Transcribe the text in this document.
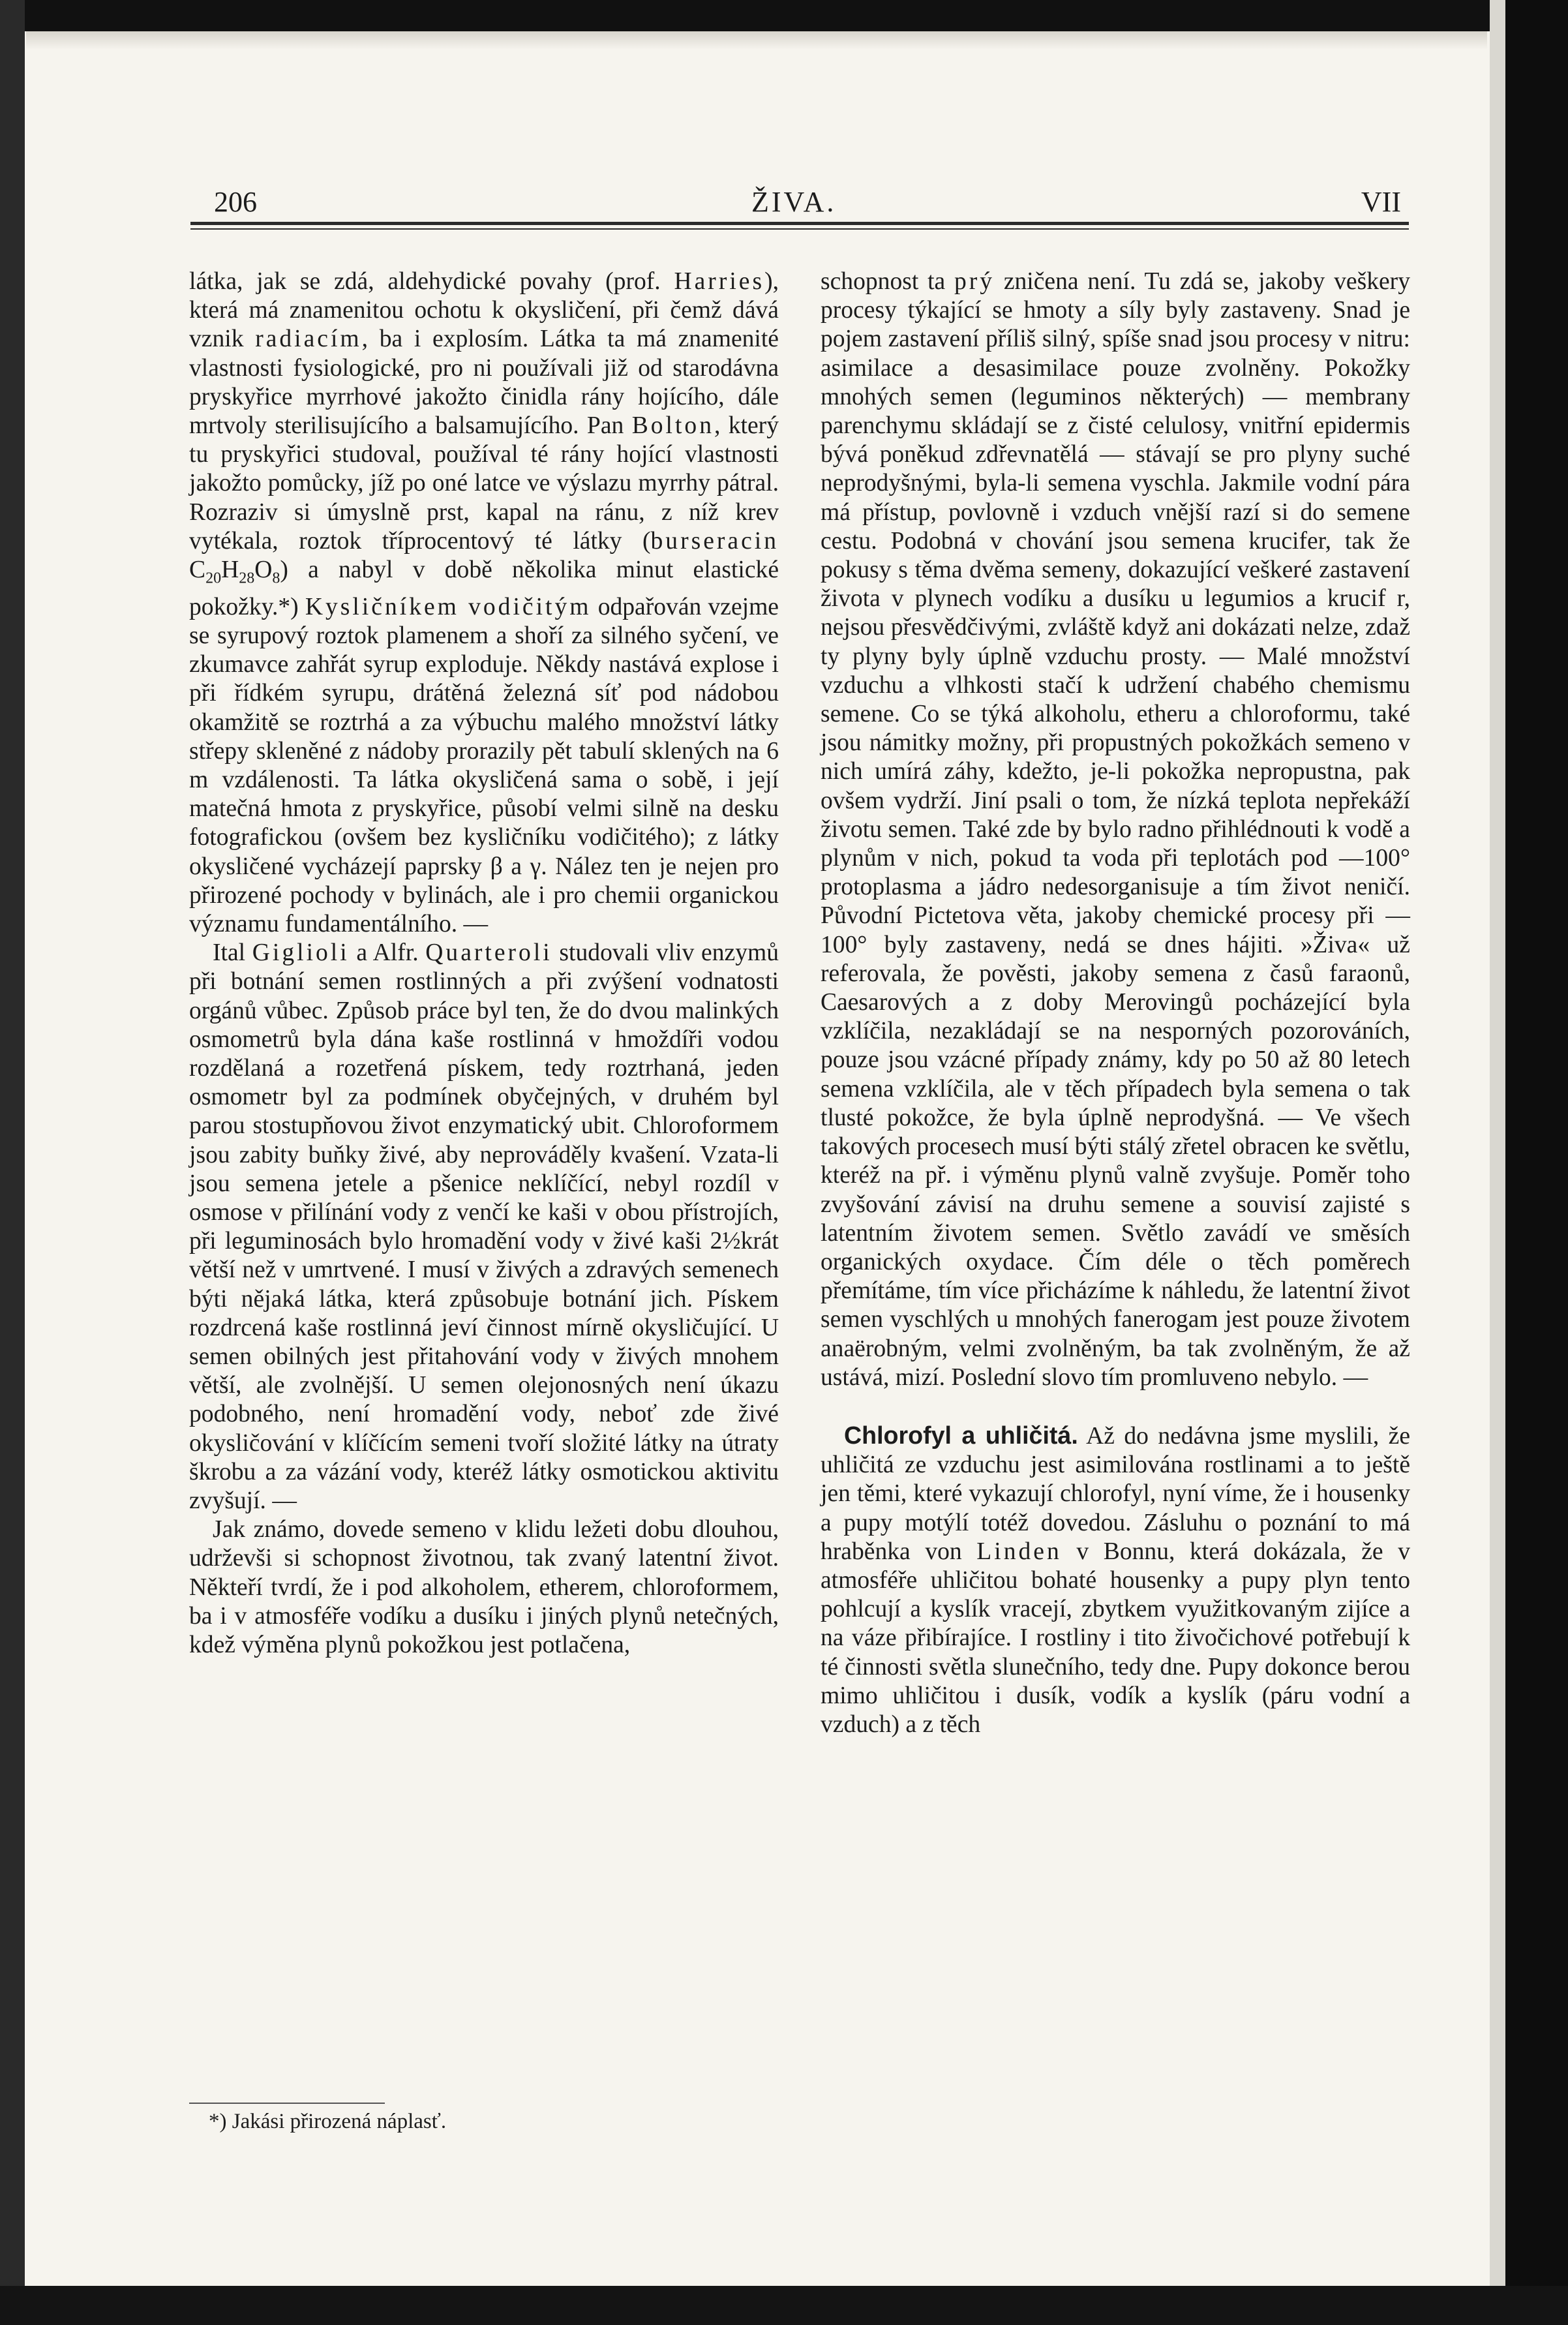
206	ŽIVA.	VII

látka, jak se zdá, aldehydické povahy (prof. Harries), která má znamenitou ochotu k okysličení, při čemž dává vznik radiacím, ba i explosím. Látka ta má znamenité vlastnosti fysiologické, pro ni používali již od starodávna pryskyřice myrrhové jakožto činidla rány hojícího, dále mrtvoly sterilisujícího a balsamujícího. Pan Bolton, který tu pryskyřici studoval, používal té rány hojící vlastnosti jakožto pomůcky, jíž po oné latce ve výslazu myrrhy pátral. Rozraziv si úmyslně prst, kapal na ránu, z níž krev vytékala, roztok tříprocentový té látky (burseracin $C_{20}H_{28}O_8$) a nabyl v době několika minut elastické pokožky.*) Kysličníkem vodičitým odpařován vzejme se syrupový roztok plamenem a shoří za silného syčení, ve zkumavce zahřát syrup exploduje. Někdy nastává explose i při řídkém syrupu, drátěná železná síť pod nádobou okamžitě se roztrhá a za výbuchu malého množství látky střepy skleněné z nádoby prorazily pět tabulí sklených na 6 m vzdálenosti. Ta látka okysličená sama o sobě, i její matečná hmota z pryskyřice, působí velmi silně na desku fotografickou (ovšem bez kysličníku vodičitého); z látky okysličené vycházejí paprsky β a γ. Nález ten je nejen pro přirozené pochody v bylinách, ale i pro chemii organickou významu fundamentálního. —

Ital Giglioli a Alfr. Quarteroli studovali vliv enzymů při botnání semen rostlinných a při zvýšení vodnatosti orgánů vůbec. Způsob práce byl ten, že do dvou malinkých osmometrů byla dána kaše rostlinná v hmoždíři vodou rozdělaná a rozetřená pískem, tedy roztrhaná, jeden osmometr byl za podmínek obyčejných, v druhém byl parou stostupňovou život enzymatický ubit. Chloroformem jsou zabity buňky živé, aby neprováděly kvašení. Vzata-li jsou semena jetele a pšenice neklíčící, nebyl rozdíl v osmose v přilínání vody z venčí ke kaši v obou přístrojích, při leguminosách bylo hromadění vody v živé kaši 2½krát větší než v umrtvené. I musí v živých a zdravých semenech býti nějaká látka, která způsobuje botnání jich. Pískem rozdrcená kaše rostlinná jeví činnost mírně okysličující. U semen obilných jest přitahování vody v živých mnohem větší, ale zvolnější. U semen olejonosných není úkazu podobného, není hromadění vody, neboť zde živé okysličování v klíčícím semeni tvoří složité látky na útraty škrobu a za vázání vody, kteréž látky osmotickou aktivitu zvyšují. —

Jak známo, dovede semeno v klidu ležeti dobu dlouhou, udrževši si schopnost životnou, tak zvaný latentní život. Někteří tvrdí, že i pod alkoholem, etherem, chloroformem, ba i v atmosféře vodíku a dusíku i jiných plynů netečných, kdež výměna plynů pokožkou jest potlačena,

*) Jakási přirozená náplasť.

schopnost ta prý zničena není. Tu zdá se, jakoby veškery procesy týkající se hmoty a síly byly zastaveny. Snad je pojem zastavení příliš silný, spíše snad jsou procesy v nitru: asimilace a desasimilace pouze zvolněny. Pokožky mnohých semen (leguminos některých) — membrany parenchymu skládají se z čisté celulosy, vnitřní epidermis bývá poněkud zdřevnatělá — stávají se pro plyny suché neprodyšnými, byla-li semena vyschla. Jakmile vodní pára má přístup, povlovně i vzduch vnější razí si do semene cestu. Podobná v chování jsou semena krucifer, tak že pokusy s těma dvěma semeny, dokazující veškeré zastavení života v plynech vodíku a dusíku u legumios a krucif r, nejsou přesvědčivými, zvláště když ani dokázati nelze, zdaž ty plyny byly úplně vzduchu prosty. — Malé množství vzduchu a vlhkosti stačí k udržení chabého chemismu semene. Co se týká alkoholu, etheru a chloroformu, také jsou námitky možny, při propustných pokožkách semeno v nich umírá záhy, kdežto, je-li pokožka nepropustna, pak ovšem vydrží. Jiní psali o tom, že nízká teplota nepřekáží životu semen. Také zde by bylo radno přihlédnouti k vodě a plynům v nich, pokud ta voda při teplotách pod —100° protoplasma a jádro nedesorganisuje a tím život neničí. Původní Pictetova věta, jakoby chemické procesy při —100° byly zastaveny, nedá se dnes hájiti. »Živa« už referovala, že pověsti, jakoby semena z časů faraonů, Caesarových a z doby Merovingů pocházející byla vzklíčila, nezakládají se na nesporných pozorováních, pouze jsou vzácné případy známy, kdy po 50 až 80 letech semena vzklíčila, ale v těch případech byla semena o tak tlusté pokožce, že byla úplně neprodyšná. — Ve všech takových procesech musí býti stálý zřetel obracen ke světlu, kteréž na př. i výměnu plynů valně zvyšuje. Poměr toho zvyšování závisí na druhu semene a souvisí zajisté s latentním životem semen. Světlo zavádí ve směsích organických oxydace. Čím déle o těch poměrech přemítáme, tím více přicházíme k náhledu, že latentní život semen vyschlých u mnohých fanerogam jest pouze životem anaërobným, velmi zvolněným, ba tak zvolněným, že až ustává, mizí. Poslední slovo tím promluveno nebylo. —

Chlorofyl a uhličitá. Až do nedávna jsme myslili, že uhličitá ze vzduchu jest asimilována rostlinami a to ještě jen těmi, které vykazují chlorofyl, nyní víme, že i housenky a pupy motýlí totéž dovedou. Zásluhu o poznání to má hraběnka von Linden v Bonnu, která dokázala, že v atmosféře uhličitou bohaté housenky a pupy plyn tento pohlcují a kyslík vracejí, zbytkem využitkovaným zijíce a na váze přibírajíce. I rostliny i tito živočichové potřebují k té činnosti světla slunečního, tedy dne. Pupy dokonce berou mimo uhličitou i dusík, vodík a kyslík (páru vodní a vzduch) a z těch
